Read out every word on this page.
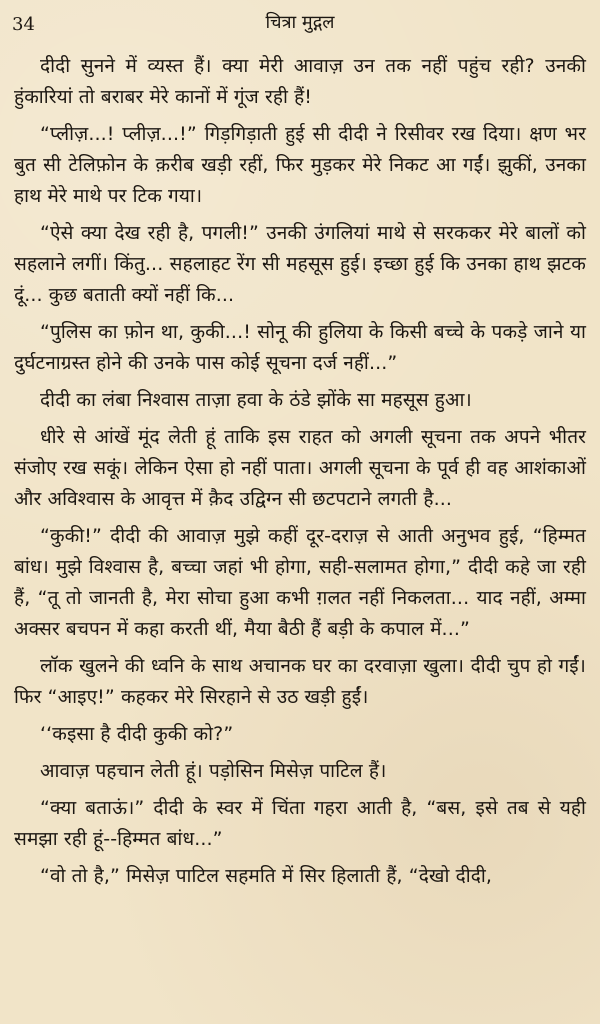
34	चित्रा मुद्गल

दीदी सुनने में व्यस्त हैं। क्या मेरी आवाज़ उन तक नहीं पहुंच रही? उनकी हुंकारियां तो बराबर मेरे कानों में गूंज रही हैं!

“प्लीज़...! प्लीज़...!” गिड़गिड़ाती हुई सी दीदी ने रिसीवर रख दिया। क्षण भर बुत सी टेलिफ़ोन के क़रीब खड़ी रहीं, फिर मुड़कर मेरे निकट आ गईं। झुकीं, उनका हाथ मेरे माथे पर टिक गया।

“ऐसे क्या देख रही है, पगली!” उनकी उंगलियां माथे से सरककर मेरे बालों को सहलाने लगीं। किंतु... सहलाहट रेंग सी महसूस हुई। इच्छा हुई कि उनका हाथ झटक दूं... कुछ बताती क्यों नहीं कि...

“पुलिस का फ़ोन था, कुकी...! सोनू की हुलिया के किसी बच्चे के पकड़े जाने या दुर्घटनाग्रस्त होने की उनके पास कोई सूचना दर्ज नहीं...”

दीदी का लंबा निश्वास ताज़ा हवा के ठंडे झोंके सा महसूस हुआ।

धीरे से आंखें मूंद लेती हूं ताकि इस राहत को अगली सूचना तक अपने भीतर संजोए रख सकूं। लेकिन ऐसा हो नहीं पाता। अगली सूचना के पूर्व ही वह आशंकाओं और अविश्वास के आवृत्त में क़ैद उद्विग्न सी छटपटाने लगती है...

“कुकी!” दीदी की आवाज़ मुझे कहीं दूर-दराज़ से आती अनुभव हुई, “हिम्मत बांध। मुझे विश्वास है, बच्चा जहां भी होगा, सही-सलामत होगा,” दीदी कहे जा रही हैं, “तू तो जानती है, मेरा सोचा हुआ कभी ग़लत नहीं निकलता... याद नहीं, अम्मा अक्सर बचपन में कहा करती थीं, मैया बैठी हैं बड़ी के कपाल में...”

लॉक खुलने की ध्वनि के साथ अचानक घर का दरवाज़ा खुला। दीदी चुप हो गईं। फिर “आइए!” कहकर मेरे सिरहाने से उठ खड़ी हुईं।

‘‘कइसा है दीदी कुकी को?”

आवाज़ पहचान लेती हूं। पड़ोसिन मिसेज़ पाटिल हैं।

“क्या बताऊं।” दीदी के स्वर में चिंता गहरा आती है, “बस, इसे तब से यही समझा रही हूं--हिम्मत बांध...”

“वो तो है,” मिसेज़ पाटिल सहमति में सिर हिलाती हैं, “देखो दीदी,
